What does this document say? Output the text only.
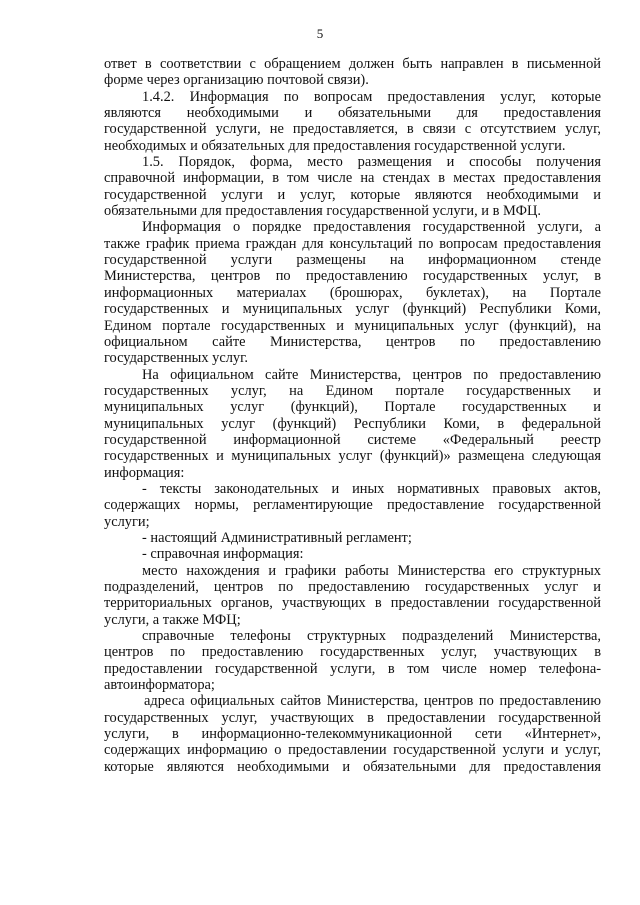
5
ответ в соответствии с обращением должен быть направлен в письменной
форме через организацию почтовой связи).
1.4.2. Информация по вопросам предоставления услуг, которые
являются необходимыми и обязательными для предоставления
государственной услуги, не предоставляется, в связи с отсутствием услуг,
необходимых и обязательных для предоставления государственной услуги.
1.5. Порядок, форма, место размещения и способы получения
справочной информации, в том числе на стендах в местах предоставления
государственной услуги и услуг, которые являются необходимыми и
обязательными для предоставления государственной услуги, и в МФЦ.
Информация о порядке предоставления государственной услуги, а
также график приема граждан для консультаций по вопросам предоставления
государственной услуги размещены на информационном стенде
Министерства, центров по предоставлению государственных услуг, в
информационных материалах (брошюрах, буклетах), на Портале
государственных и муниципальных услуг (функций) Республики Коми,
Едином портале государственных и муниципальных услуг (функций), на
официальном сайте Министерства, центров по предоставлению
государственных услуг.
На официальном сайте Министерства, центров по предоставлению
государственных услуг, на Едином портале государственных и
муниципальных услуг (функций), Портале государственных и
муниципальных услуг (функций) Республики Коми, в федеральной
государственной информационной системе «Федеральный реестр
государственных и муниципальных услуг (функций)» размещена следующая
информация:
- тексты законодательных и иных нормативных правовых актов,
содержащих нормы, регламентирующие предоставление государственной
услуги;
- настоящий Административный регламент;
- справочная информация:
место нахождения и графики работы Министерства его структурных
подразделений, центров по предоставлению государственных услуг и
территориальных органов, участвующих в предоставлении государственной
услуги, а также МФЦ;
справочные телефоны структурных подразделений Министерства,
центров по предоставлению государственных услуг, участвующих в
предоставлении государственной услуги, в том числе номер телефона-
автоинформатора;
адреса официальных сайтов Министерства, центров по предоставлению
государственных услуг, участвующих в предоставлении государственной
услуги, в информационно-телекоммуникационной сети «Интернет»,
содержащих информацию о предоставлении государственной услуги и услуг,
которые являются необходимыми и обязательными для предоставления
